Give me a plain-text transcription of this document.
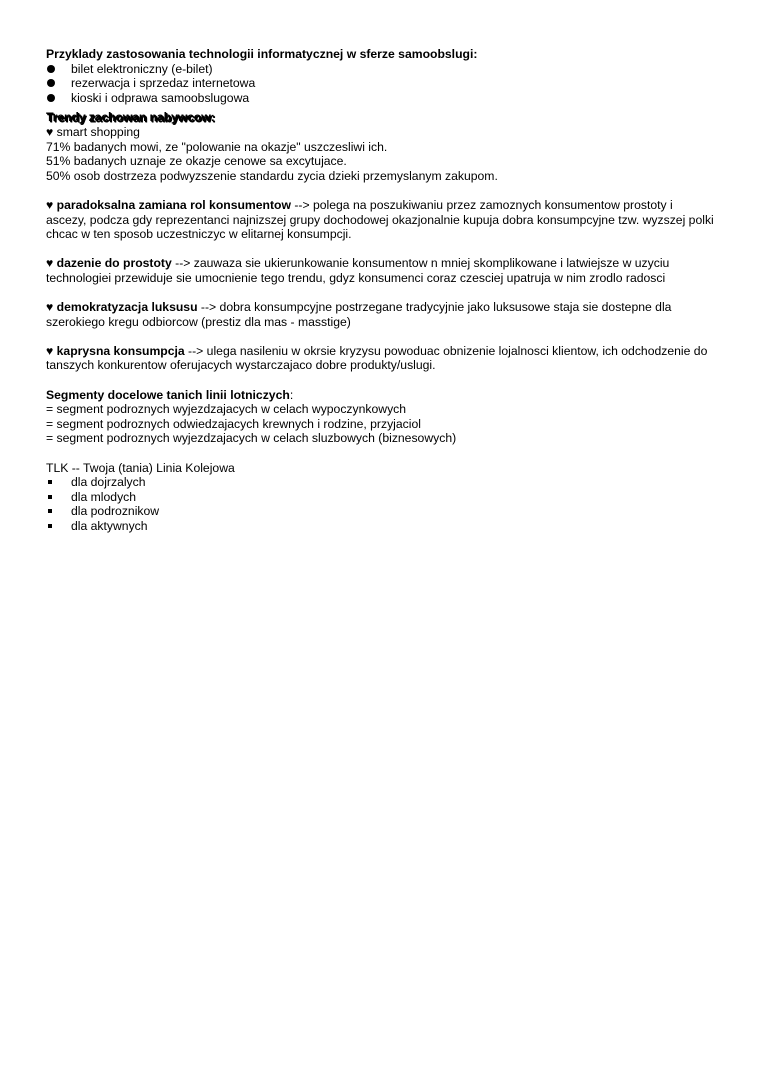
Przyklady zastosowania technologii informatycznej w sferze samoobslugi:
bilet elektroniczny (e-bilet)
rezerwacja i sprzedaz internetowa
kioski i odprawa samoobslugowa
Trendy zachowan nabywcow:
♥ smart shopping
71% badanych mowi, ze "polowanie na okazje" uszczesliwi ich.
51% badanych uznaje ze okazje cenowe sa excytujace.
50% osob dostrzeza podwyzszenie standardu zycia dzieki przemyslanym zakupom.
♥ paradoksalna zamiana rol konsumentow --> polega na poszukiwaniu przez zamoznych konsumentow prostoty i ascezy, podcza gdy reprezentanci najnizszej grupy dochodowej okazjonalnie kupuja dobra konsumpcyjne tzw. wyzszej polki chcac w ten sposob uczestniczyc w elitarnej konsumpcji.
♥ dazenie do prostoty --> zauwaza sie ukierunkowanie konsumentow n mniej skomplikowane i latwiejsze w uzyciu technologiei przewiduje sie umocnienie tego trendu, gdyz konsumenci coraz czesciej upatruja w nim zrodlo radosci
♥ demokratyzacja luksusu --> dobra konsumpcyjne postrzegane tradycyjnie jako luksusowe staja sie dostepne dla szerokiego kregu odbiorcow (prestiz dla mas - masstige)
♥ kaprysna konsumpcja --> ulega nasileniu w okrsie kryzysu powoduac obnizenie lojalnosci klientow, ich odchodzenie do tanszych konkurentow oferujacych wystarczajaco dobre produkty/uslugi.
Segmenty docelowe tanich linii lotniczych:
= segment podroznych wyjezdzajacych w celach wypoczynkowych
= segment podroznych odwiedzajacych krewnych i rodzine, przyjaciol
= segment podroznych wyjezdzajacych w celach sluzbowych (biznesowych)
TLK -- Twoja (tania) Linia Kolejowa
dla dojrzalych
dla mlodych
dla podroznikow
dla aktywnych
